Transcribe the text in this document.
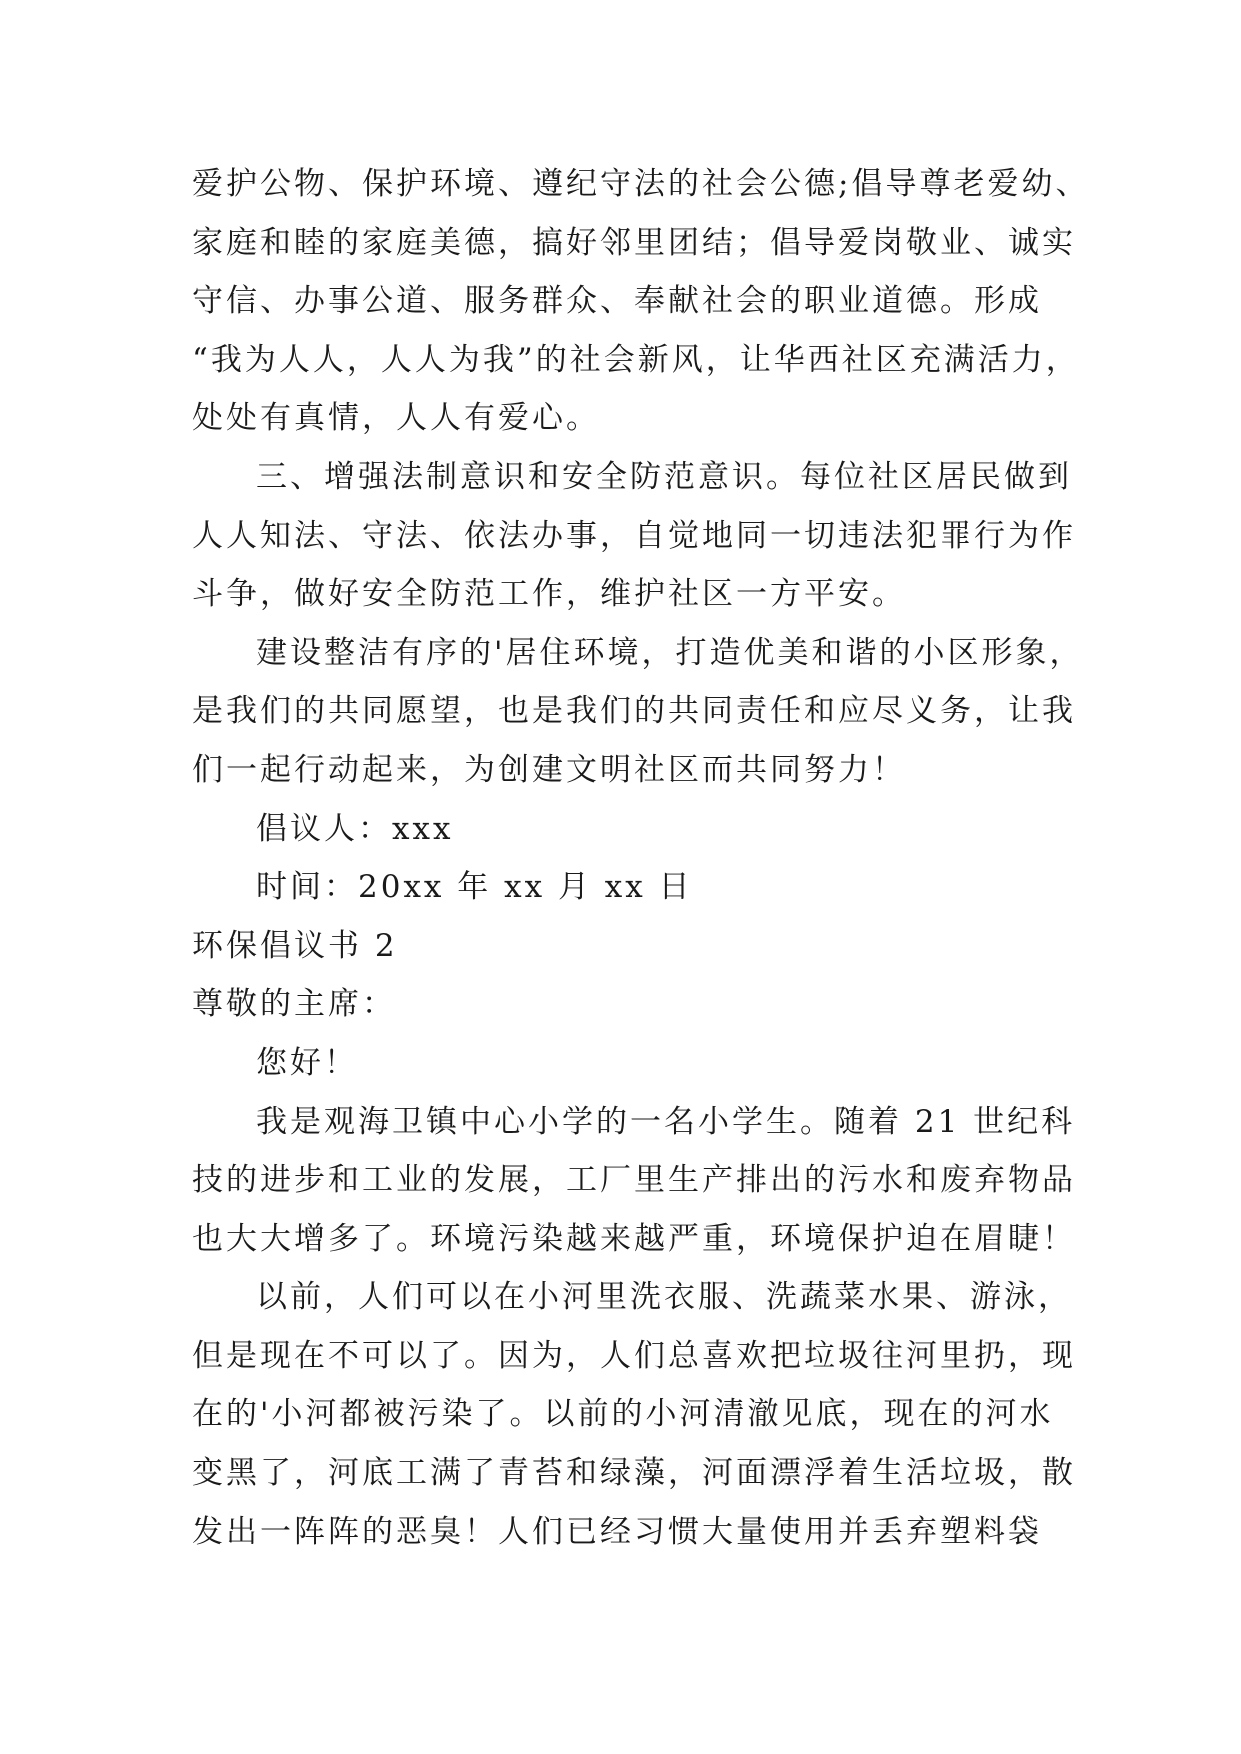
爱护公物、保护环境、遵纪守法的社会公德;倡导尊老爱幼、
家庭和睦的家庭美德，搞好邻里团结；倡导爱岗敬业、诚实
守信、办事公道、服务群众、奉献社会的职业道德。形成
“我为人人，人人为我”的社会新风，让华西社区充满活力，
处处有真情，人人有爱心。
三、增强法制意识和安全防范意识。每位社区居民做到
人人知法、守法、依法办事，自觉地同一切违法犯罪行为作
斗争，做好安全防范工作，维护社区一方平安。
建设整洁有序的'居住环境，打造优美和谐的小区形象，
是我们的共同愿望，也是我们的共同责任和应尽义务，让我
们一起行动起来，为创建文明社区而共同努力！
倡议人：xxx
时间：20xx 年 xx 月 xx 日
环保倡议书 2
尊敬的主席：
您好！
我是观海卫镇中心小学的一名小学生。随着 21 世纪科
技的进步和工业的发展，工厂里生产排出的污水和废弃物品
也大大增多了。环境污染越来越严重，环境保护迫在眉睫！
以前，人们可以在小河里洗衣服、洗蔬菜水果、游泳，
但是现在不可以了。因为，人们总喜欢把垃圾往河里扔，现
在的'小河都被污染了。以前的小河清澈见底，现在的河水
变黑了，河底工满了青苔和绿藻，河面漂浮着生活垃圾，散
发出一阵阵的恶臭！人们已经习惯大量使用并丢弃塑料袋
